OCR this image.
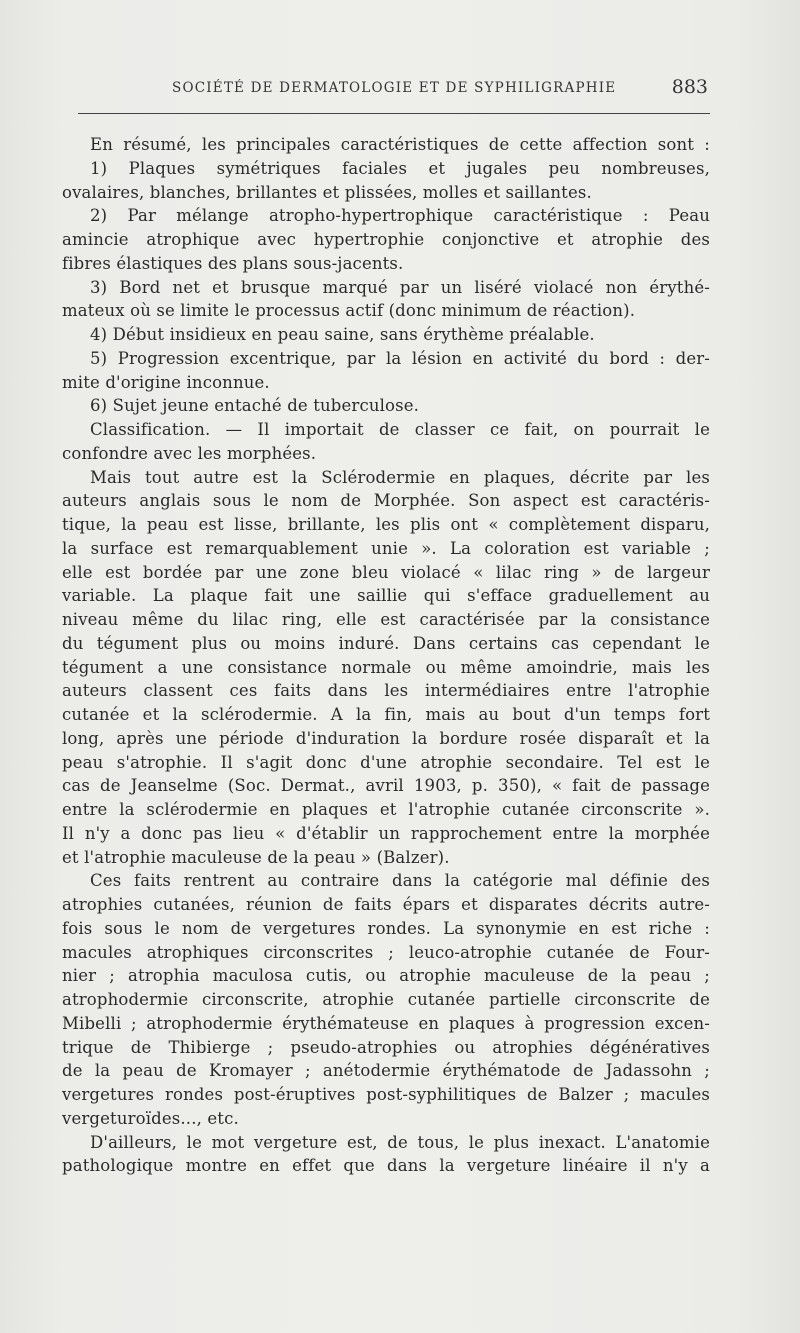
SOCIÉTÉ DE DERMATOLOGIE ET DE SYPHILIGRAPHIE	883
En résumé, les principales caractéristiques de cette affection sont :
1) Plaques symétriques faciales et jugales peu nombreuses,
ovalaires, blanches, brillantes et plissées, molles et saillantes.
2) Par mélange atropho-hypertrophique caractéristique : Peau
amincie atrophique avec hypertrophie conjonctive et atrophie des
fibres élastiques des plans sous-jacents.
3) Bord net et brusque marqué par un liséré violacé non érythé-
mateux où se limite le processus actif (donc minimum de réaction).
4) Début insidieux en peau saine, sans érythème préalable.
5) Progression excentrique, par la lésion en activité du bord : der-
mite d'origine inconnue.
6) Sujet jeune entaché de tuberculose.
Classification. — Il importait de classer ce fait, on pourrait le
confondre avec les morphées.
Mais tout autre est la Sclérodermie en plaques, décrite par les
auteurs anglais sous le nom de Morphée. Son aspect est caractéris-
tique, la peau est lisse, brillante, les plis ont « complètement disparu,
la surface est remarquablement unie ». La coloration est variable ;
elle est bordée par une zone bleu violacé « lilac ring » de largeur
variable. La plaque fait une saillie qui s'efface graduellement au
niveau même du lilac ring, elle est caractérisée par la consistance
du tégument plus ou moins induré. Dans certains cas cependant le
tégument a une consistance normale ou même amoindrie, mais les
auteurs classent ces faits dans les intermédiaires entre l'atrophie
cutanée et la sclérodermie. A la fin, mais au bout d'un temps fort
long, après une période d'induration la bordure rosée disparaît et la
peau s'atrophie. Il s'agit donc d'une atrophie secondaire. Tel est le
cas de Jeanselme (Soc. Dermat., avril 1903, p. 350), « fait de passage
entre la sclérodermie en plaques et l'atrophie cutanée circonscrite ».
Il n'y a donc pas lieu « d'établir un rapprochement entre la morphée
et l'atrophie maculeuse de la peau » (Balzer).
Ces faits rentrent au contraire dans la catégorie mal définie des
atrophies cutanées, réunion de faits épars et disparates décrits autre-
fois sous le nom de vergetures rondes. La synonymie en est riche :
macules atrophiques circonscrites ; leuco-atrophie cutanée de Four-
nier ; atrophia maculosa cutis, ou atrophie maculeuse de la peau ;
atrophodermie circonscrite, atrophie cutanée partielle circonscrite de
Mibelli ; atrophodermie érythémateuse en plaques à progression excen-
trique de Thibierge ; pseudo-atrophies ou atrophies dégénératives
de la peau de Kromayer ; anétodermie érythématode de Jadassohn ;
vergetures rondes post-éruptives post-syphilitiques de Balzer ; macules
vergeturoïdes..., etc.
D'ailleurs, le mot vergeture est, de tous, le plus inexact. L'anatomie
pathologique montre en effet que dans la vergeture linéaire il n'y a
